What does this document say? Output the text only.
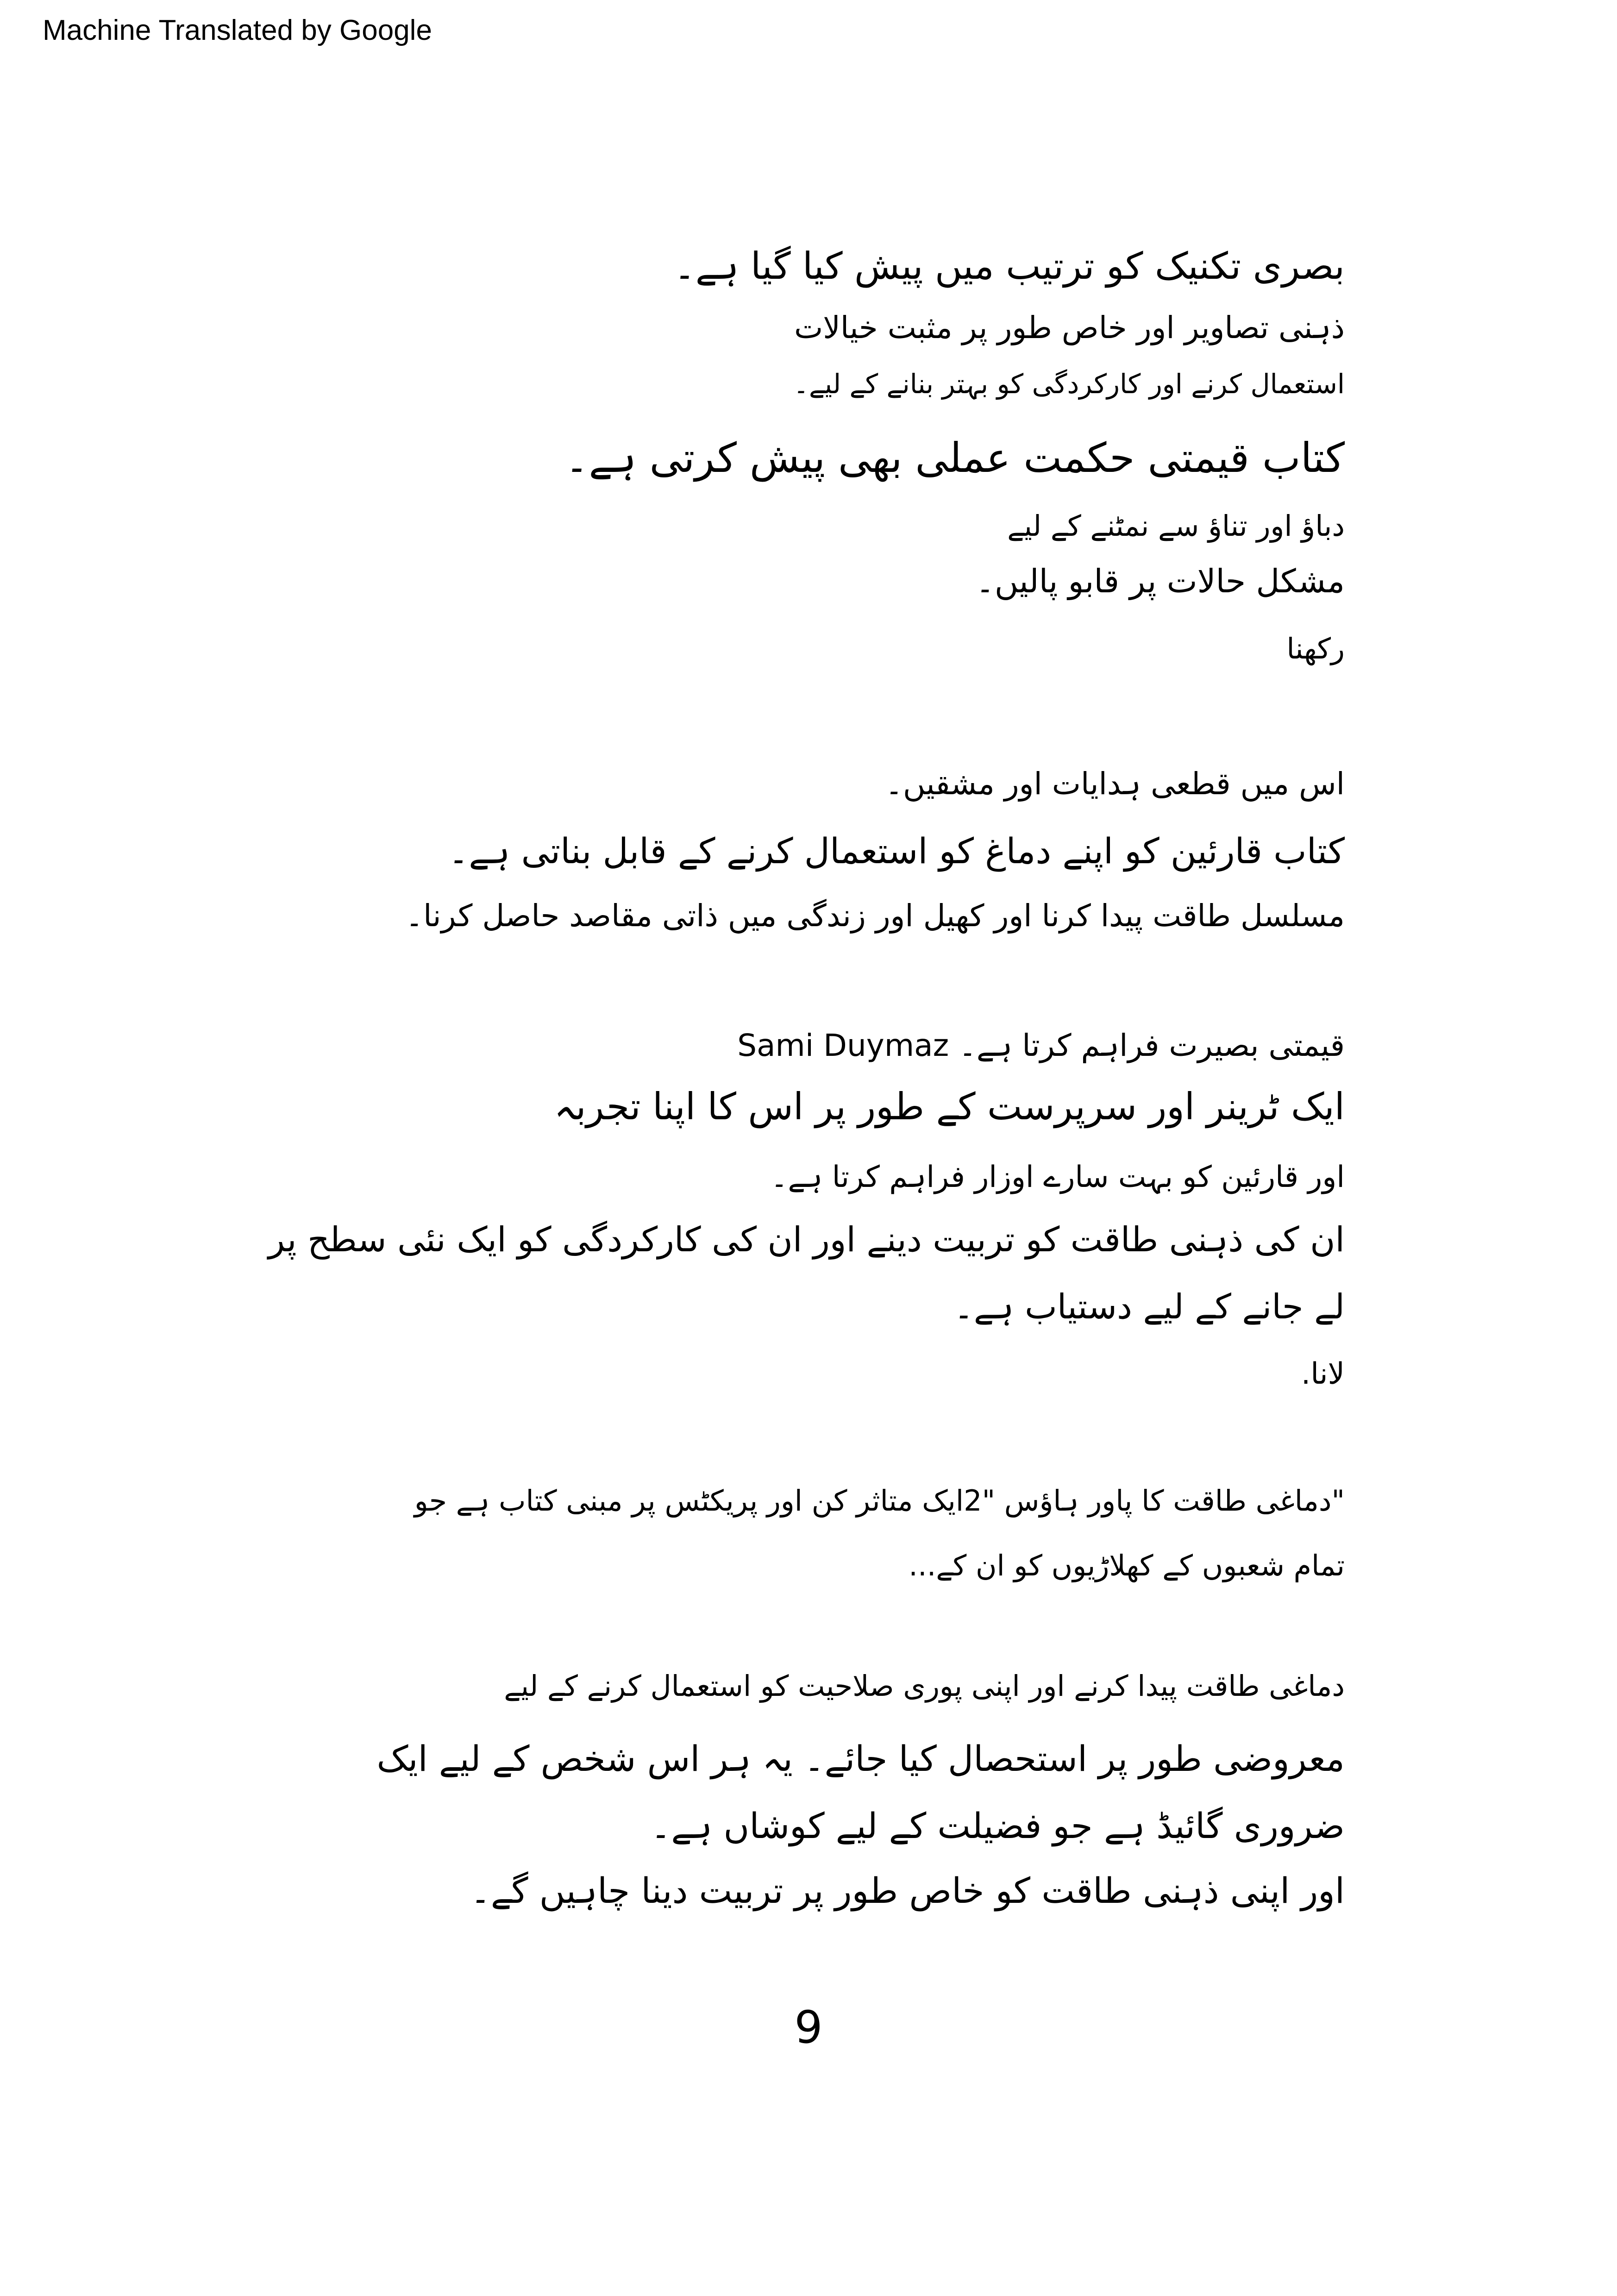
Machine Translated by Google
بصری تکنیک کو ترتیب میں پیش کیا گیا ہے۔
ذہنی تصاویر اور خاص طور پر مثبت خیالات
استعمال کرنے اور کارکردگی کو بہتر بنانے کے لیے۔
کتاب قیمتی حکمت عملی بھی پیش کرتی ہے۔
دباؤ اور تناؤ سے نمٹنے کے لیے
مشکل حالات پر قابو پالیں۔
رکھنا
اس میں قطعی ہدایات اور مشقیں۔
کتاب قارئین کو اپنے دماغ کو استعمال کرنے کے قابل بناتی ہے۔
مسلسل طاقت پیدا کرنا اور کھیل اور زندگی میں ذاتی مقاصد حاصل کرنا۔
Sami Duymaz قیمتی بصیرت فراہم کرتا ہے۔
ایک ٹرینر اور سرپرست کے طور پر اس کا اپنا تجربہ
اور قارئین کو بہت سارے اوزار فراہم کرتا ہے۔
ان کی ذہنی طاقت کو تربیت دینے اور ان کی کارکردگی کو ایک نئی سطح پر
لے جانے کے لیے دستیاب ہے۔
لانا.
"دماغی طاقت کا پاور ہاؤس "2ایک متاثر کن اور پریکٹس پر مبنی کتاب ہے جو
تمام شعبوں کے کھلاڑیوں کو ان کے...
دماغی طاقت پیدا کرنے اور اپنی پوری صلاحیت کو استعمال کرنے کے لیے
معروضی طور پر استحصال کیا جائے۔ یہ ہر اس شخص کے لیے ایک
ضروری گائیڈ ہے جو فضیلت کے لیے کوشاں ہے۔
اور اپنی ذہنی طاقت کو خاص طور پر تربیت دینا چاہیں گے۔
9
